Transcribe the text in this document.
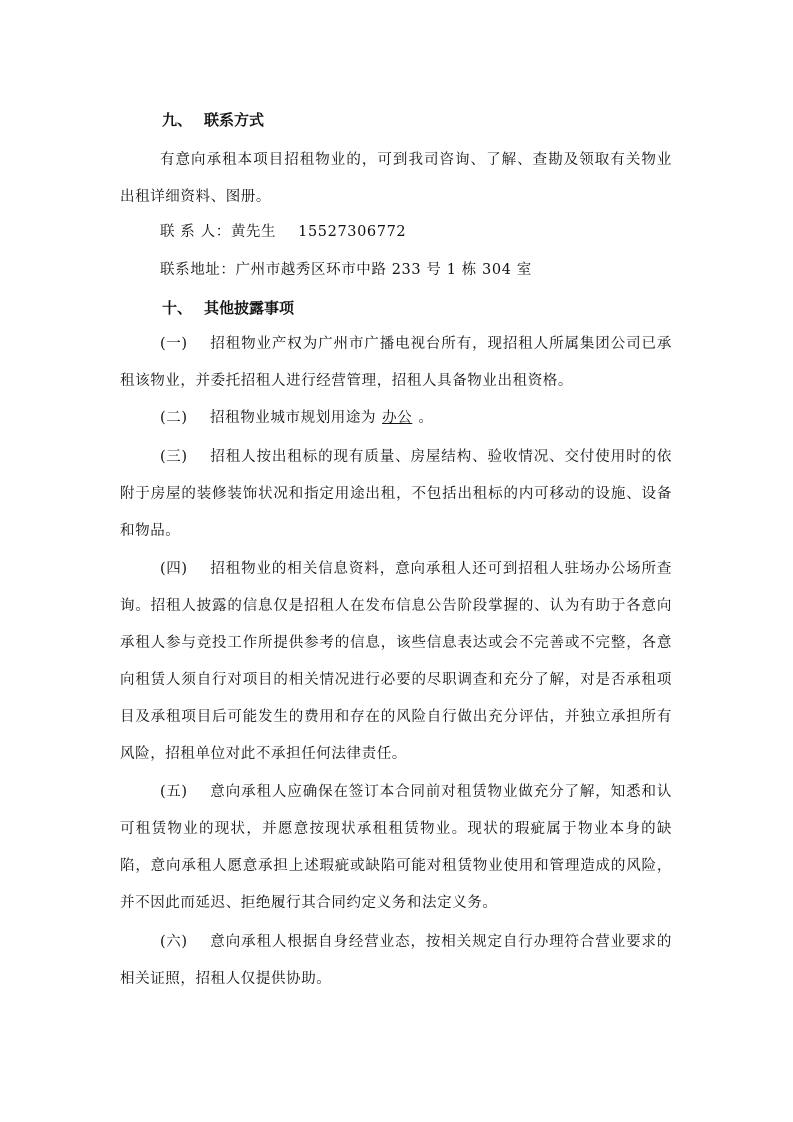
九、 联系方式
有意向承租本项目招租物业的，可到我司咨询、了解、查勘及领取有关物业出租详细资料、图册。
联 系 人：黄先生 15527306772
联系地址：广州市越秀区环市中路 233 号 1 栋 304 室
十、 其他披露事项
(一) 招租物业产权为广州市广播电视台所有，现招租人所属集团公司已承租该物业，并委托招租人进行经营管理，招租人具备物业出租资格。
(二) 招租物业城市规划用途为 办公 。
(三) 招租人按出租标的现有质量、房屋结构、验收情况、交付使用时的依附于房屋的装修装饰状况和指定用途出租，不包括出租标的内可移动的设施、设备和物品。
(四) 招租物业的相关信息资料，意向承租人还可到招租人驻场办公场所查询。招租人披露的信息仅是招租人在发布信息公告阶段掌握的、认为有助于各意向承租人参与竞投工作所提供参考的信息，该些信息表达或会不完善或不完整，各意向租赁人须自行对项目的相关情况进行必要的尽职调查和充分了解，对是否承租项目及承租项目后可能发生的费用和存在的风险自行做出充分评估，并独立承担所有风险，招租单位对此不承担任何法律责任。
(五) 意向承租人应确保在签订本合同前对租赁物业做充分了解，知悉和认可租赁物业的现状，并愿意按现状承租租赁物业。现状的瑕疵属于物业本身的缺陷，意向承租人愿意承担上述瑕疵或缺陷可能对租赁物业使用和管理造成的风险，并不因此而延迟、拒绝履行其合同约定义务和法定义务。
(六) 意向承租人根据自身经营业态，按相关规定自行办理符合营业要求的相关证照，招租人仅提供协助。
